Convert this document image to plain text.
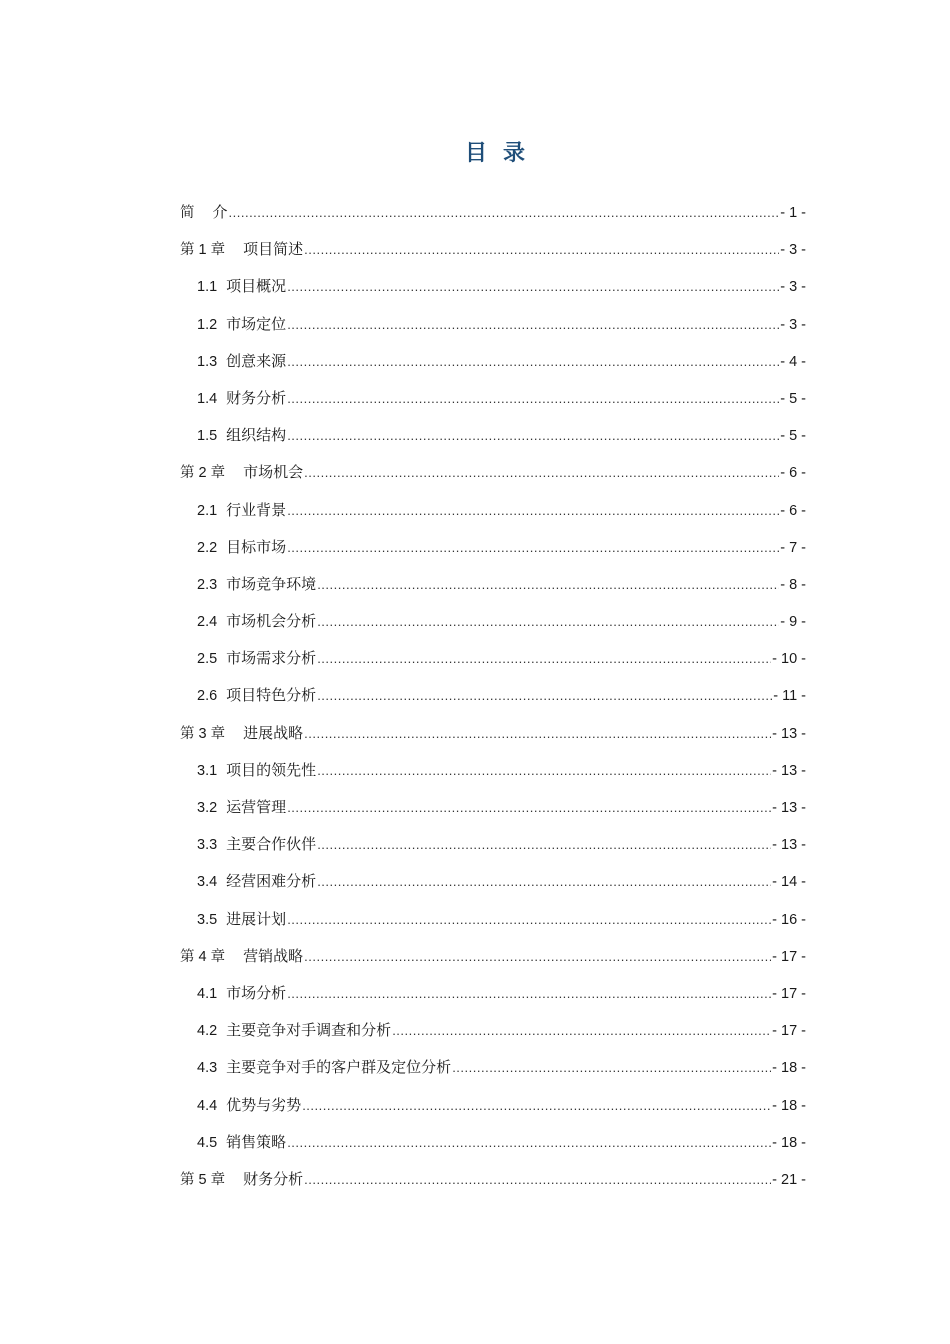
目 录
简 介 .....	- 1 -
第 1 章 项目简述 .....	- 3 -
1.1 项目概况 .....	- 3 -
1.2 市场定位 .....	- 3 -
1.3 创意来源 .....	- 4 -
1.4 财务分析 .....	- 5 -
1.5 组织结构 .....	- 5 -
第 2 章 市场机会 .....	- 6 -
2.1 行业背景 .....	- 6 -
2.2 目标市场 .....	- 7 -
2.3 市场竞争环境 .....	- 8 -
2.4 市场机会分析 .....	- 9 -
2.5 市场需求分析 .....	- 10 -
2.6 项目特色分析 .....	- 11 -
第 3 章 进展战略 .....	- 13 -
3.1 项目的领先性 .....	- 13 -
3.2 运营管理 .....	- 13 -
3.3 主要合作伙伴 .....	- 13 -
3.4 经营困难分析 .....	- 14 -
3.5 进展计划 .....	- 16 -
第 4 章 营销战略 .....	- 17 -
4.1 市场分析 .....	- 17 -
4.2 主要竞争对手调查和分析 .....	- 17 -
4.3 主要竞争对手的客户群及定位分析 .....	- 18 -
4.4 优势与劣势 .....	- 18 -
4.5 销售策略 .....	- 18 -
第 5 章 财务分析 .....	- 21 -
